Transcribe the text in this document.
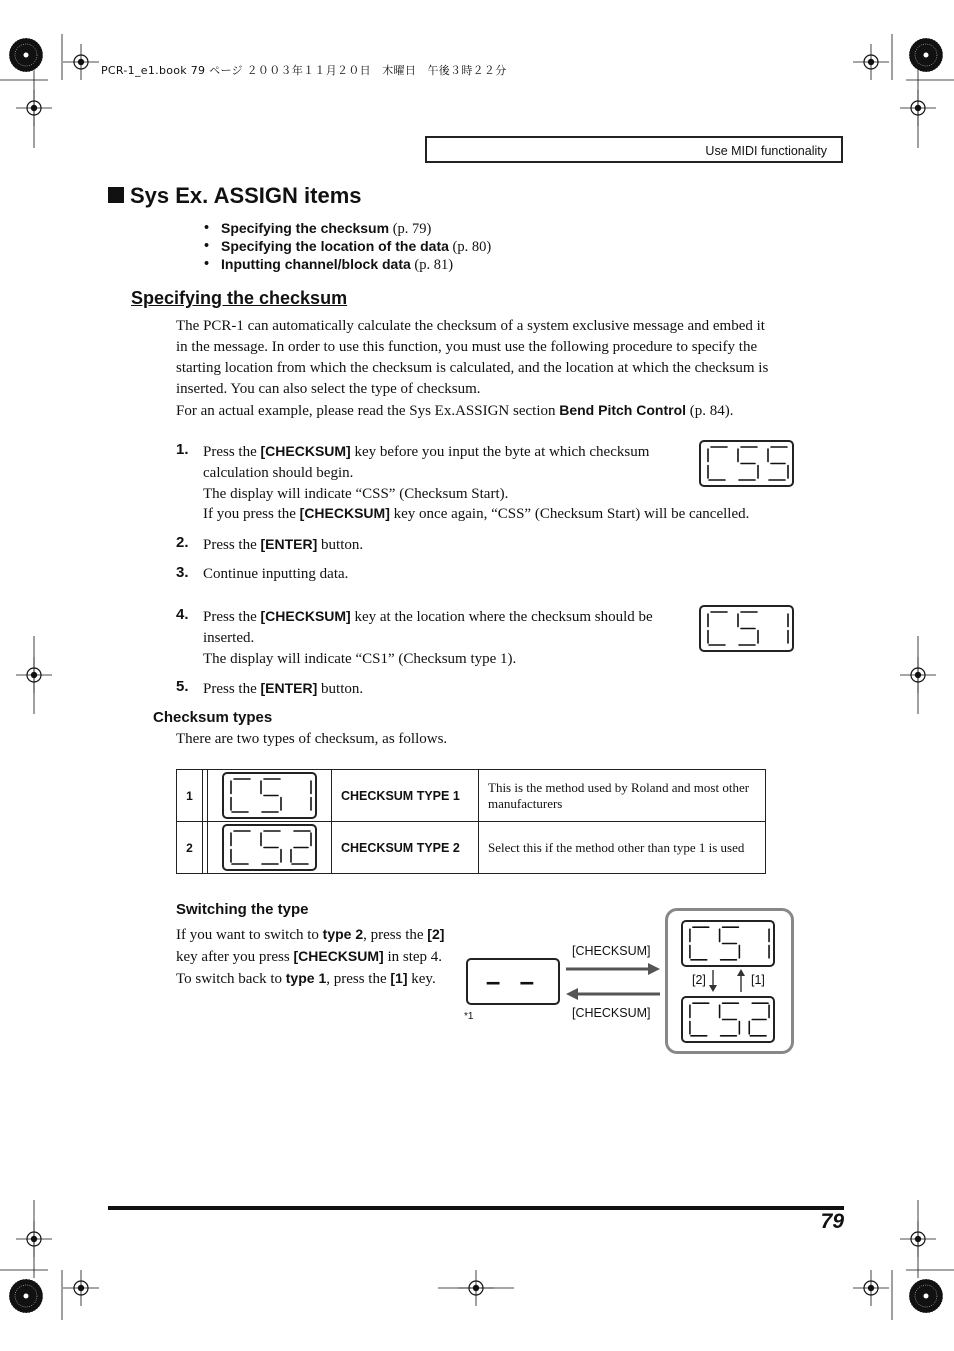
PCR-1_e1.book 79 ページ ２００３年１１月２０日　木曜日　午後３時２２分
Use MIDI functionality
Sys Ex. ASSIGN items
• Specifying the checksum (p. 79)
• Specifying the location of the data (p. 80)
• Inputting channel/block data (p. 81)
Specifying the checksum
The PCR-1 can automatically calculate the checksum of a system exclusive message and embed it in the message. In order to use this function, you must use the following procedure to specify the starting location from which the checksum is calculated, and the location at which the checksum is inserted. You can also select the type of checksum.
For an actual example, please read the Sys Ex.ASSIGN section Bend Pitch Control (p. 84).
1. Press the [CHECKSUM] key before you input the byte at which checksum calculation should begin.
The display will indicate “CSS” (Checksum Start).
If you press the [CHECKSUM] key once again, “CSS” (Checksum Start) will be cancelled.
2. Press the [ENTER] button.
3. Continue inputting data.
4. Press the [CHECKSUM] key at the location where the checksum should be inserted.
The display will indicate “CS1” (Checksum type 1).
5. Press the [ENTER] button.
Checksum types
There are two types of checksum, as follows.
1			CHECKSUM TYPE 1	This is the method used by Roland and most other manufacturers
2			CHECKSUM TYPE 2	Select this if the method other than type 1 is used
Switching the type
If you want to switch to type 2, press the [2]
key after you press [CHECKSUM] in step 4.
To switch back to type 1, press the [1] key.	– –
*1
[CHECKSUM]
[CHECKSUM]
[2]	[1]
79
